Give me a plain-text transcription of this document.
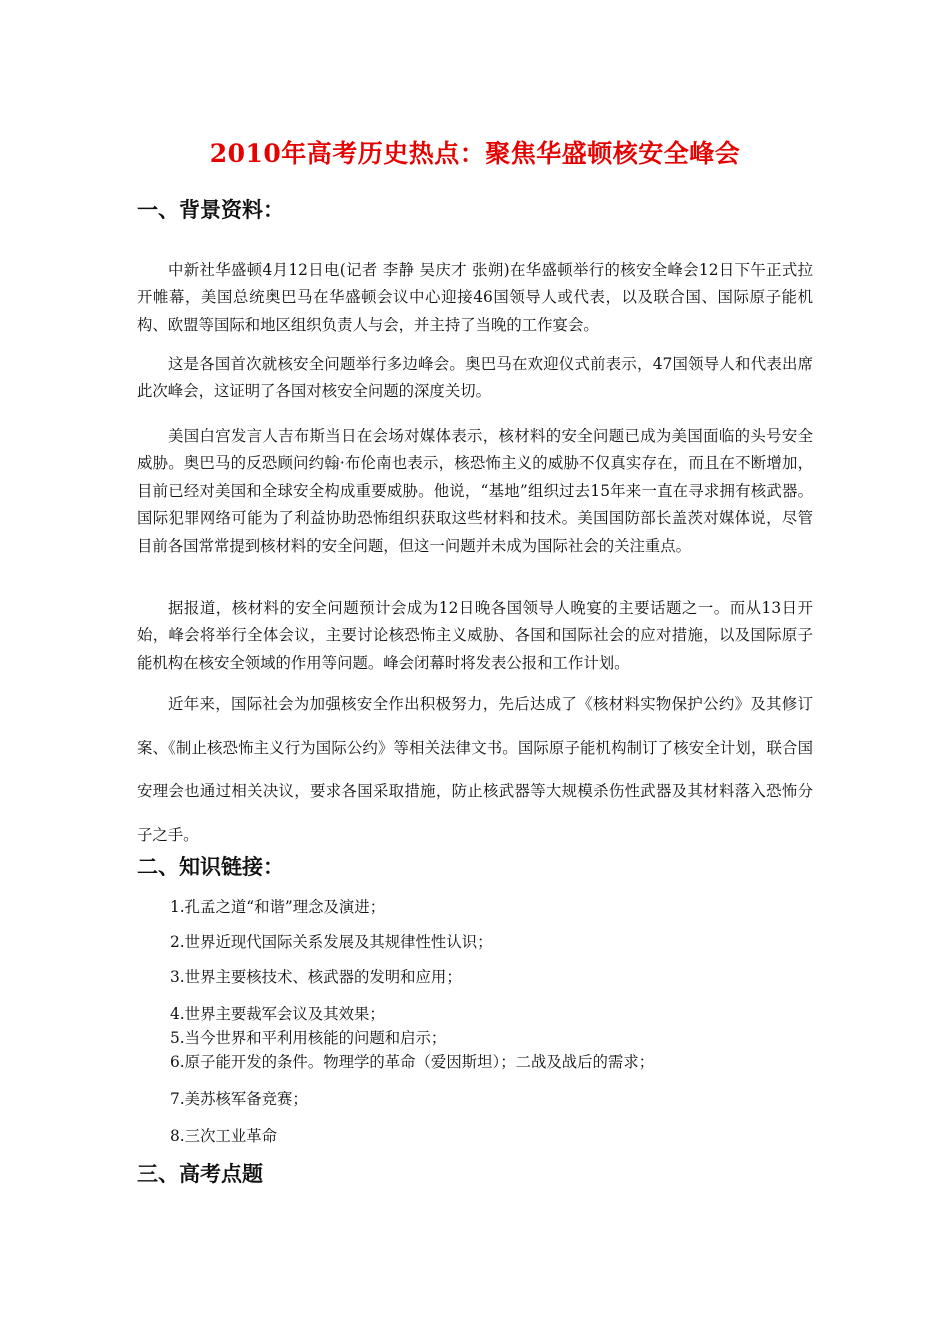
2010年高考历史热点：聚焦华盛顿核安全峰会
一、背景资料：
中新社华盛顿4月12日电(记者 李静 吴庆才 张朔)在华盛顿举行的核安全峰会12日下午正式拉开帷幕，美国总统奥巴马在华盛顿会议中心迎接46国领导人或代表，以及联合国、国际原子能机构、欧盟等国际和地区组织负责人与会，并主持了当晚的工作宴会。
这是各国首次就核安全问题举行多边峰会。奥巴马在欢迎仪式前表示，47国领导人和代表出席此次峰会，这证明了各国对核安全问题的深度关切。
美国白宫发言人吉布斯当日在会场对媒体表示，核材料的安全问题已成为美国面临的头号安全威胁。奥巴马的反恐顾问约翰·布伦南也表示，核恐怖主义的威胁不仅真实存在，而且在不断增加，目前已经对美国和全球安全构成重要威胁。他说，“基地”组织过去15年来一直在寻求拥有核武器。国际犯罪网络可能为了利益协助恐怖组织获取这些材料和技术。美国国防部长盖茨对媒体说，尽管目前各国常常提到核材料的安全问题，但这一问题并未成为国际社会的关注重点。
据报道，核材料的安全问题预计会成为12日晚各国领导人晚宴的主要话题之一。而从13日开始，峰会将举行全体会议，主要讨论核恐怖主义威胁、各国和国际社会的应对措施，以及国际原子能机构在核安全领域的作用等问题。峰会闭幕时将发表公报和工作计划。
近年来，国际社会为加强核安全作出积极努力，先后达成了《核材料实物保护公约》及其修订案、《制止核恐怖主义行为国际公约》等相关法律文书。国际原子能机构制订了核安全计划，联合国安理会也通过相关决议，要求各国采取措施，防止核武器等大规模杀伤性武器及其材料落入恐怖分子之手。
二、知识链接：
1.孔孟之道“和谐”理念及演进；
2.世界近现代国际关系发展及其规律性性认识；
3.世界主要核技术、核武器的发明和应用；
4.世界主要裁军会议及其效果；
5.当今世界和平利用核能的问题和启示；
6.原子能开发的条件。物理学的革命（爱因斯坦）；二战及战后的需求；
7.美苏核军备竞赛；
8.三次工业革命
三、高考点题
